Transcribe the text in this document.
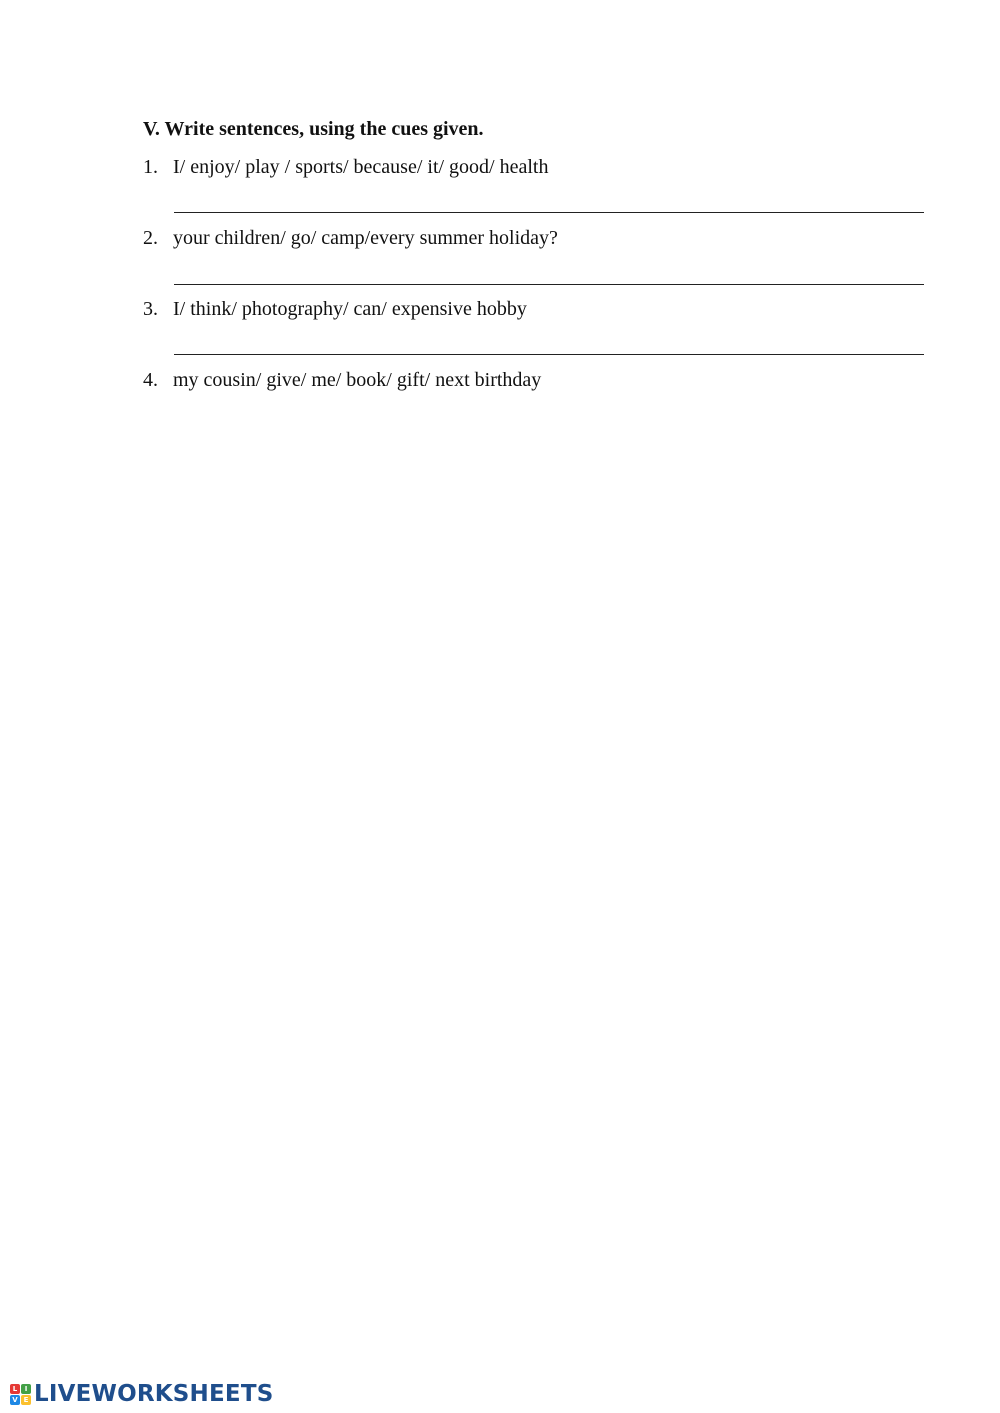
V. Write sentences, using the cues given.
1. I/ enjoy/ play / sports/ because/ it/ good/ health
2. your children/ go/ camp/every summer holiday?
3. I/ think/ photography/ can/ expensive hobby
4. my cousin/ give/ me/ book/ gift/ next birthday
L	I
V E LIVEWORKSHEETS
